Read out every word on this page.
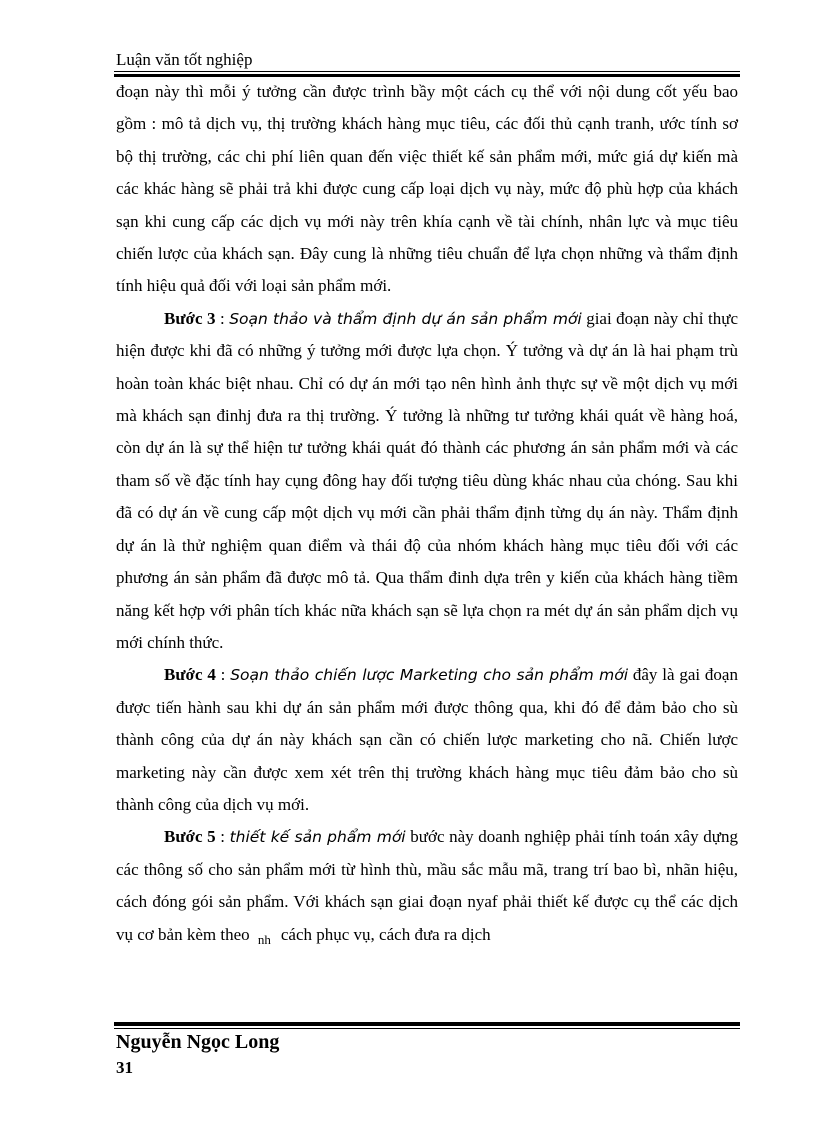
Luận văn tốt nghiệp

đoạn này thì mỗi ý tưởng cần được trình bầy một cách cụ thể với nội dung cốt yếu bao gồm : mô tả dịch vụ, thị trường khách hàng mục tiêu, các đối thủ cạnh tranh, ước tính sơ bộ thị trường, các chi phí liên quan đến việc thiết kế sản phẩm mới, mức giá dự kiến mà các khác hàng sẽ phải trả khi được cung cấp loại dịch vụ này, mức độ phù hợp của khách sạn khi cung cấp các dịch vụ mới này trên khía cạnh về tài chính, nhân lực và mục tiêu chiến lược của khách sạn. Đây cung là những tiêu chuẩn để lựa chọn những và thẩm định tính hiệu quả đối với loại sản phẩm mới.

Bước 3 : Soạn thảo và thẩm định dự án sản phẩm mới giai đoạn này chỉ thực hiện được khi đã có những ý tưởng mới được lựa chọn. Ý tưởng và dự án là hai phạm trù hoàn toàn khác biệt nhau. Chỉ có dự án mới tạo nên hình ảnh thực sự về một dịch vụ mới mà khách sạn đinhj đưa ra thị trường. Ý tưởng là những tư tưởng khái quát về hàng hoá, còn dự án là sự thể hiện tư tưởng khái quát đó thành các phương án sản phẩm mới và các tham số về đặc tính hay cụng đông hay đối tượng tiêu dùng khác nhau của chóng. Sau khi đã có dự án về cung cấp một dịch vụ mới cần phải thẩm định từng dụ án này. Thẩm định dự án là thử nghiệm quan điểm và thái độ của nhóm khách hàng mục tiêu đối với các phương án sản phẩm đã được mô tả. Qua thẩm đinh dựa trên y kiến của khách hàng tiềm năng kết hợp với phân tích khác nữa khách sạn sẽ lựa chọn ra mét dự án sản phẩm dịch vụ mới chính thức.

Bước 4 : Soạn thảo chiến lược Marketing cho sản phẩm mới đây là gai đoạn được tiến hành sau khi dự án sản phẩm mới được thông qua, khi đó để đảm bảo cho sù thành công của dự án này khách sạn cần có chiến lược marketing cho nã. Chiến lược marketing này cần được xem xét trên thị trường khách hàng mục tiêu đảm bảo cho sù thành công của dịch vụ mới.

Bước 5 : thiết kế sản phẩm mới bước này doanh nghiệp phải tính toán xây dựng các thông số cho sản phẩm mới từ hình thù, mầu sắc mẫu mã, trang trí bao bì, nhãn hiệu, cách đóng gói sản phẩm. Với khách sạn giai đoạn nyaf phải thiết kế được cụ thể các dịch vụ cơ bản kèm theo $_{nh}$ cách phục vụ, cách đưa ra dịch

Nguyễn Ngọc Long
31
